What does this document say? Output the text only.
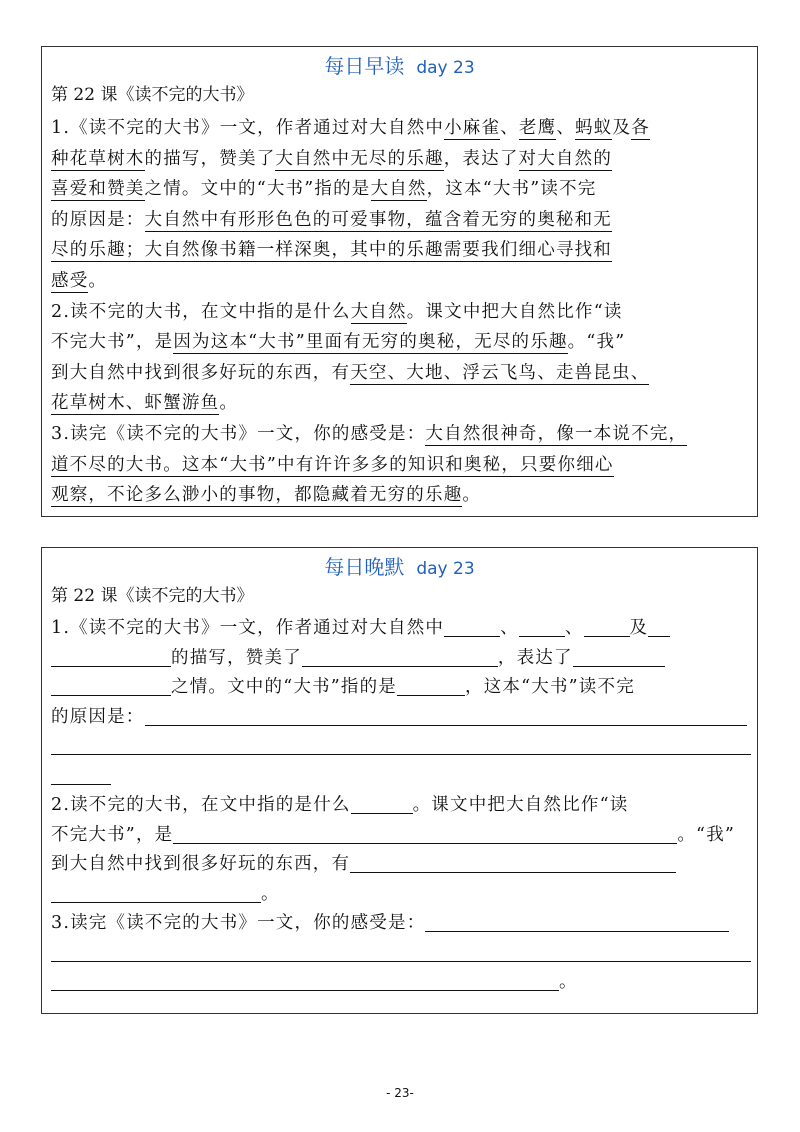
每日早读 day 23
第 22 课《读不完的大书》
1.《读不完的大书》一文，作者通过对大自然中小麻雀、老鹰、蚂蚁及各
种花草树木的描写，赞美了大自然中无尽的乐趣，表达了对大自然的
喜爱和赞美之情。文中的“大书”指的是大自然，这本“大书”读不完
的原因是：大自然中有形形色色的可爱事物，蕴含着无穷的奥秘和无
尽的乐趣；大自然像书籍一样深奥，其中的乐趣需要我们细心寻找和
感受。
2.读不完的大书，在文中指的是什么大自然。课文中把大自然比作“读
不完大书”，是因为这本“大书”里面有无穷的奥秘，无尽的乐趣。“我”
到大自然中找到很多好玩的东西，有天空、大地、浮云飞鸟、走兽昆虫、
花草树木、虾蟹游鱼。
3.读完《读不完的大书》一文，你的感受是：大自然很神奇，像一本说不完，
道不尽的大书。这本“大书”中有许许多多的知识和奥秘，只要你细心
观察，不论多么渺小的事物，都隐藏着无穷的乐趣。
每日晚默 day 23
第 22 课《读不完的大书》
1.《读不完的大书》一文，作者通过对大自然中	、	、	及
的描写，赞美了	，表达了
之情。文中的“大书”指的是	，这本“大书”读不完
的原因是：
2.读不完的大书，在文中指的是什么	。课文中把大自然比作“读
不完大书”，是	。“我”
到大自然中找到很多好玩的东西，有
。
3.读完《读不完的大书》一文，你的感受是：
。
- 23-
